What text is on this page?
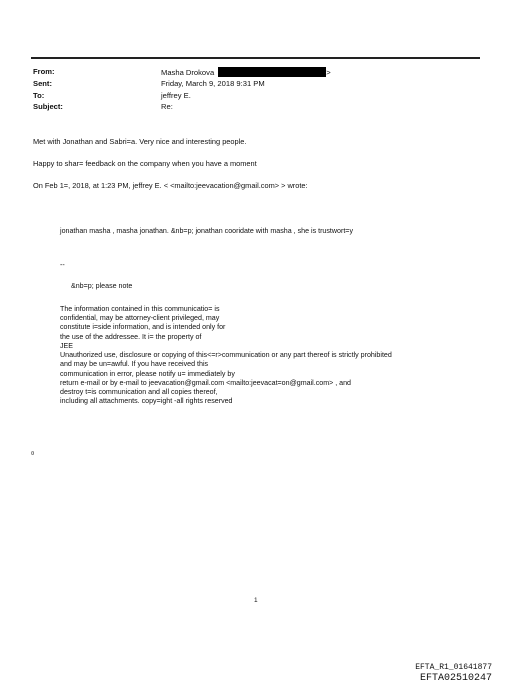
From:	Masha Drokova	>
Sent:	Friday, March 9, 2018 9:31 PM
To:	jeffrey E.
Subject:	Re:
Met with Jonathan and Sabri=a. Very nice and interesting people.
Happy to shar= feedback on the company when you have a moment
On Feb 1=, 2018, at 1:23 PM, jeffrey E. < <mailto:jeevacation@gmail.com> > wrote:
jonathan masha , masha jonathan. &nb=p; jonathan cooridate with masha , she is trustwort=y
--
&nb=p; please note
The information contained in this communicatio= is
confidential, may be attorney-client privileged, may
constitute i=side information, and is intended only for
the use of the addressee. It i= the property of
JEE
Unauthorized use, disclosure or copying of this<=r>communication or any part thereof is strictly prohibited
and may be un=awful. If you have received this
communication in error, please notify u= immediately by
return e-mail or by e-mail to jeevacation@gmail.com <mailto:jeevacat=on@gmail.com> , and
destroy t=is communication and all copies thereof,
including all attachments. copy=ight -all rights reserved
¤
1
EFTA_R1_01641877
EFTA02510247
